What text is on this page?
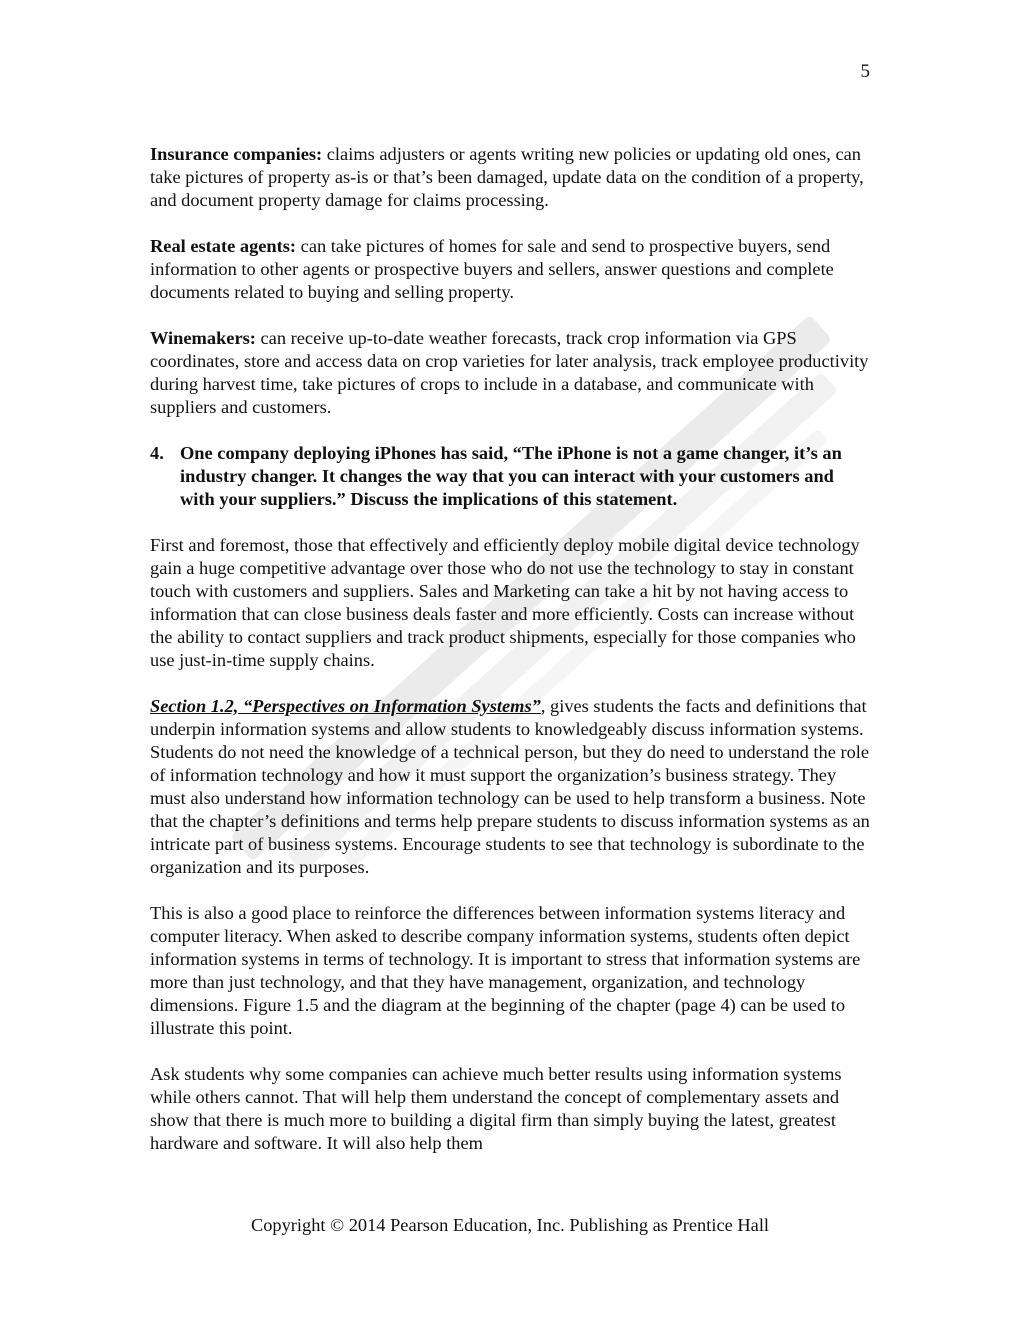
5

Insurance companies: claims adjusters or agents writing new policies or updating old ones, can take pictures of property as-is or that’s been damaged, update data on the condition of a property, and document property damage for claims processing.

Real estate agents: can take pictures of homes for sale and send to prospective buyers, send information to other agents or prospective buyers and sellers, answer questions and complete documents related to buying and selling property.

Winemakers: can receive up-to-date weather forecasts, track crop information via GPS coordinates, store and access data on crop varieties for later analysis, track employee productivity during harvest time, take pictures of crops to include in a database, and communicate with suppliers and customers.

4. One company deploying iPhones has said, “The iPhone is not a game changer, it’s an industry changer. It changes the way that you can interact with your customers and with your suppliers.” Discuss the implications of this statement.

First and foremost, those that effectively and efficiently deploy mobile digital device technology gain a huge competitive advantage over those who do not use the technology to stay in constant touch with customers and suppliers. Sales and Marketing can take a hit by not having access to information that can close business deals faster and more efficiently. Costs can increase without the ability to contact suppliers and track product shipments, especially for those companies who use just-in-time supply chains.

Section 1.2, “Perspectives on Information Systems”, gives students the facts and definitions that underpin information systems and allow students to knowledgeably discuss information systems. Students do not need the knowledge of a technical person, but they do need to understand the role of information technology and how it must support the organization’s business strategy. They must also understand how information technology can be used to help transform a business. Note that the chapter’s definitions and terms help prepare students to discuss information systems as an intricate part of business systems. Encourage students to see that technology is subordinate to the organization and its purposes.

This is also a good place to reinforce the differences between information systems literacy and computer literacy. When asked to describe company information systems, students often depict information systems in terms of technology. It is important to stress that information systems are more than just technology, and that they have management, organization, and technology dimensions. Figure 1.5 and the diagram at the beginning of the chapter (page 4) can be used to illustrate this point.

Ask students why some companies can achieve much better results using information systems while others cannot. That will help them understand the concept of complementary assets and show that there is much more to building a digital firm than simply buying the latest, greatest hardware and software. It will also help them

Copyright © 2014 Pearson Education, Inc. Publishing as Prentice Hall
